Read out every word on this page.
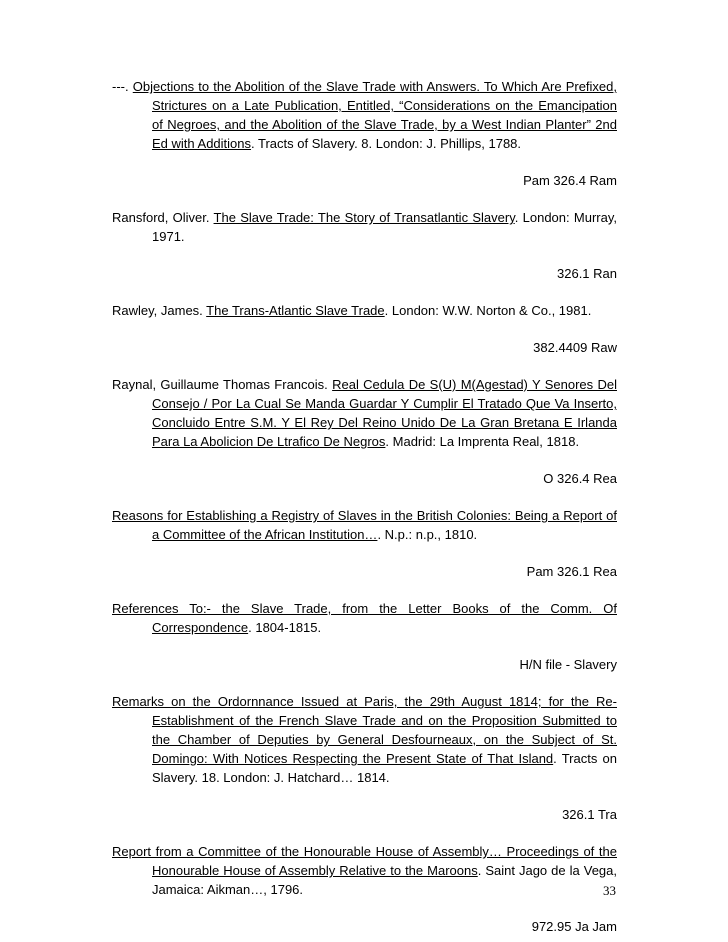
---. Objections to the Abolition of the Slave Trade with Answers. To Which Are Prefixed, Strictures on a Late Publication, Entitled, “Considerations on the Emancipation of Negroes, and the Abolition of the Slave Trade, by a West Indian Planter” 2nd Ed with Additions. Tracts of Slavery. 8. London: J. Phillips, 1788.

Pam 326.4 Ram

Ransford, Oliver. The Slave Trade: The Story of Transatlantic Slavery. London: Murray, 1971.

326.1 Ran

Rawley, James. The Trans-Atlantic Slave Trade. London: W.W. Norton & Co., 1981.

382.4409 Raw

Raynal, Guillaume Thomas Francois. Real Cedula De S(U) M(Agestad) Y Senores Del Consejo / Por La Cual Se Manda Guardar Y Cumplir El Tratado Que Va Inserto, Concluido Entre S.M. Y El Rey Del Reino Unido De La Gran Bretana E Irlanda Para La Abolicion De Ltrafico De Negros. Madrid: La Imprenta Real, 1818.

O 326.4 Rea

Reasons for Establishing a Registry of Slaves in the British Colonies: Being a Report of a Committee of the African Institution…. N.p.: n.p., 1810.

Pam 326.1 Rea

References To:- the Slave Trade, from the Letter Books of the Comm. Of Correspondence. 1804-1815.

H/N file - Slavery

Remarks on the Ordornnance Issued at Paris, the 29th August 1814; for the Re-Establishment of the French Slave Trade and on the Proposition Submitted to the Chamber of Deputies by General Desfourneaux, on the Subject of St. Domingo: With Notices Respecting the Present State of That Island. Tracts on Slavery. 18. London: J. Hatchard… 1814.

326.1 Tra

Report from a Committee of the Honourable House of Assembly… Proceedings of the Honourable House of Assembly Relative to the Maroons. Saint Jago de la Vega, Jamaica: Aikman…, 1796.

972.95 Ja Jam

33
